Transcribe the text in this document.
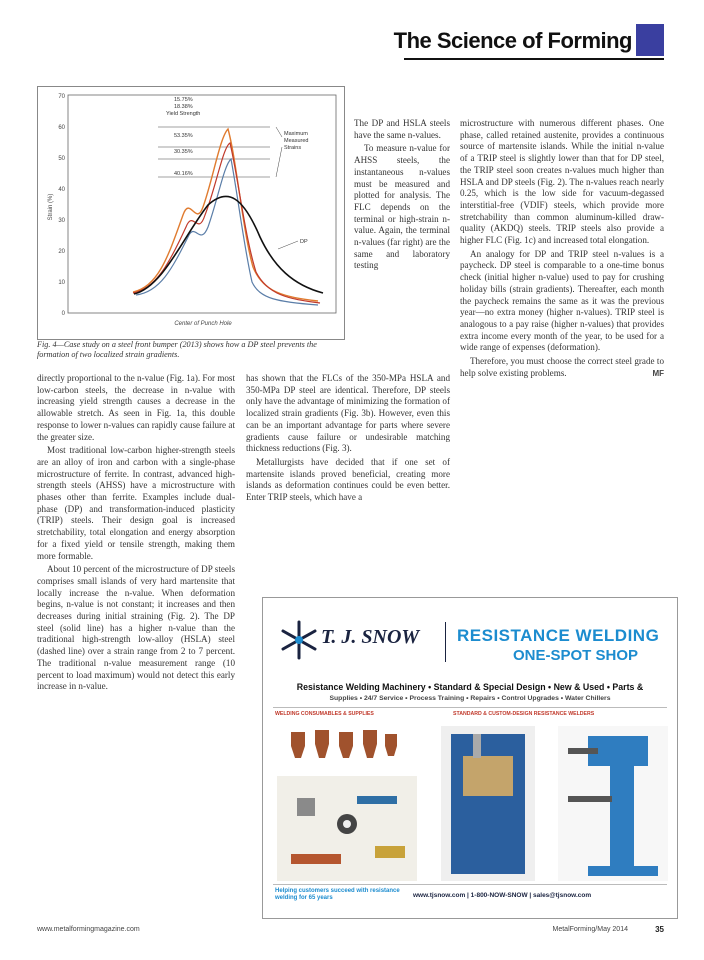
The Science of Forming
70
60
50
40
30
20
10
0
Strain (%)
Center of Punch Hole
15.75%
18.38%
Yield Strength
53.35%
30.35%
40.16%
Maximum
Measured
Strains
DP
Fig. 4—Case study on a steel front bumper (2013) shows how a DP steel prevents the formation of two localized strain gradients.

The DP and HSLA steels have the same n-values.

To measure n-value for AHSS steels, the instantaneous n-values must be measured and plotted for analysis. The FLC depends on the terminal or high-strain n-value. Again, the terminal n-values (far right) are the same and laboratory testing

directly proportional to the n-value (Fig. 1a). For most low-carbon steels, the decrease in n-value with increasing yield strength causes a decrease in the allowable stretch. As seen in Fig. 1a, this double response to lower n-values can rapidly cause failure at the greater size.

Most traditional low-carbon higher-strength steels are an alloy of iron and carbon with a single-phase microstructure of ferrite. In contrast, advanced high-strength steels (AHSS) have a microstructure with phases other than ferrite. Examples include dual-phase (DP) and transformation-induced plasticity (TRIP) steels. Their design goal is increased stretchability, total elongation and energy absorption for a fixed yield or tensile strength, making them more formable.

About 10 percent of the microstructure of DP steels comprises small islands of very hard martensite that locally increase the n-value. When deformation begins, n-value is not constant; it increases and then decreases during initial straining (Fig. 2). The DP steel (solid line) has a higher n-value than the traditional high-strength low-alloy (HSLA) steel (dashed line) over a strain range from 2 to 7 percent. The traditional n-value measurement range (10 percent to load maximum) would not detect this early increase in n-value.

has shown that the FLCs of the 350-MPa HSLA and 350-MPa DP steel are identical. Therefore, DP steels only have the advantage of minimizing the formation of localized strain gradients (Fig. 3b). However, even this can be an important advantage for parts where severe gradients cause failure or undesirable matching thickness reductions (Fig. 3).

Metallurgists have decided that if one set of martensite islands proved beneficial, creating more islands as deformation continues could be even better. Enter TRIP steels, which have a

microstructure with numerous different phases. One phase, called retained austenite, provides a continuous source of martensite islands. While the initial n-value of a TRIP steel is slightly lower than that for DP steel, the TRIP steel soon creates n-values much higher than HSLA and DP steels (Fig. 2). The n-values reach nearly 0.25, which is the low side for vacuum-degassed interstitial-free (VDIF) steels, which provide more stretchability than common aluminum-killed draw-quality (AKDQ) steels. TRIP steels also provide a higher FLC (Fig. 1c) and increased total elongation.

An analogy for DP and TRIP steel n-values is a paycheck. DP steel is comparable to a one-time bonus check (initial higher n-value) used to pay for crushing holiday bills (strain gradients). Thereafter, each month the paycheck remains the same as it was the previous year—no extra money (higher n-values). TRIP steel is analogous to a pay raise (higher n-values) that provides extra income every month of the year, to be used for a wide range of expenses (deformation).

Therefore, you must choose the correct steel grade to help solve existing problems.	MF

T. J. SNOW RESISTANCE WELDING
ONE-SPOT SHOP
Resistance Welding Machinery • Standard & Special Design • New & Used • Parts &
Supplies • 24/7 Service • Process Training • Repairs • Control Upgrades • Water Chillers
WELDING CONSUMABLES & SUPPLIES	STANDARD & CUSTOM-DESIGN RESISTANCE WELDERS
Helping customers succeed with resistance welding for 65 years	www.tjsnow.com | 1-800-NOW-SNOW | sales@tjsnow.com
www.metalformingmagazine.com	MetalForming/May 2014	35
